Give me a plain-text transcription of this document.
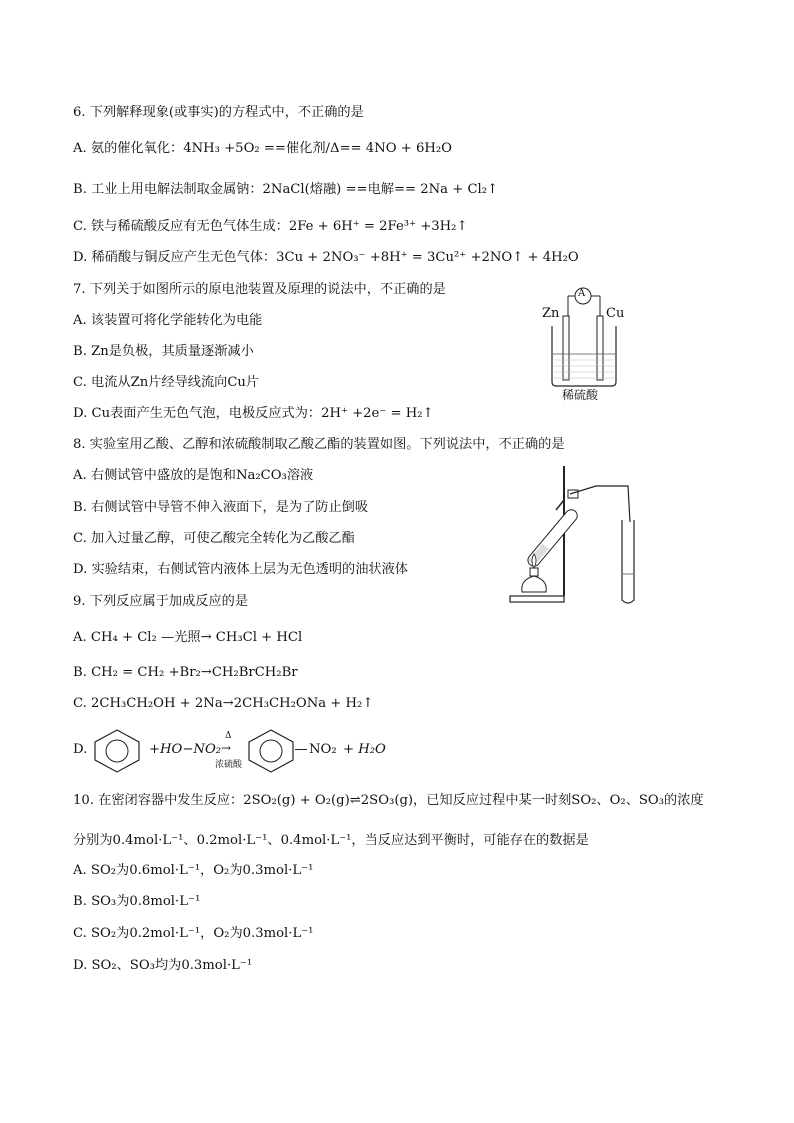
6. 下列解释现象(或事实)的方程式中，不正确的是
A. 氨的催化氧化：4NH₃ +5O₂ ==催化剂/Δ== 4NO + 6H₂O
B. 工业上用电解法制取金属钠：2NaCl(熔融) ==电解== 2Na + Cl₂↑
C. 铁与稀硫酸反应有无色气体生成：2Fe + 6H⁺ = 2Fe³⁺ +3H₂↑
D. 稀硝酸与铜反应产生无色气体：3Cu + 2NO₃⁻ +8H⁺ = 3Cu²⁺ +2NO↑ + 4H₂O
7. 下列关于如图所示的原电池装置及原理的说法中，不正确的是
A. 该装置可将化学能转化为电能
B. Zn是负极，其质量逐渐减小
C. 电流从Zn片经导线流向Cu片
D. Cu表面产生无色气泡，电极反应式为：2H⁺ +2e⁻ = H₂↑
Zn
A
Cu
稀硫酸
8. 实验室用乙酸、乙醇和浓硫酸制取乙酸乙酯的装置如图。下列说法中，不正确的是
A. 右侧试管中盛放的是饱和Na₂CO₃溶液
B. 右侧试管中导管不伸入液面下，是为了防止倒吸
C. 加入过量乙醇，可使乙酸完全转化为乙酸乙酯
D. 实验结束，右侧试管内液体上层为无色透明的油状液体
9. 下列反应属于加成反应的是
A. CH₄ + Cl₂ —光照→ CH₃Cl + HCl
B. CH₂ = CH₂ +Br₂→CH₂BrCH₂Br
C. 2CH₃CH₂OH + 2Na→2CH₃CH₂ONa + H₂↑
D.	+HO−NO₂
Δ
→
浓硫酸
NO₂ + H₂O
10. 在密闭容器中发生反应：2SO₂(g) + O₂(g)⇌2SO₃(g)，已知反应过程中某一时刻SO₂、O₂、SO₃的浓度
分别为0.4mol·L⁻¹、0.2mol·L⁻¹、0.4mol·L⁻¹，当反应达到平衡时，可能存在的数据是
A. SO₂为0.6mol·L⁻¹，O₂为0.3mol·L⁻¹
B. SO₃为0.8mol·L⁻¹
C. SO₂为0.2mol·L⁻¹，O₂为0.3mol·L⁻¹
D. SO₂、SO₃均为0.3mol·L⁻¹
